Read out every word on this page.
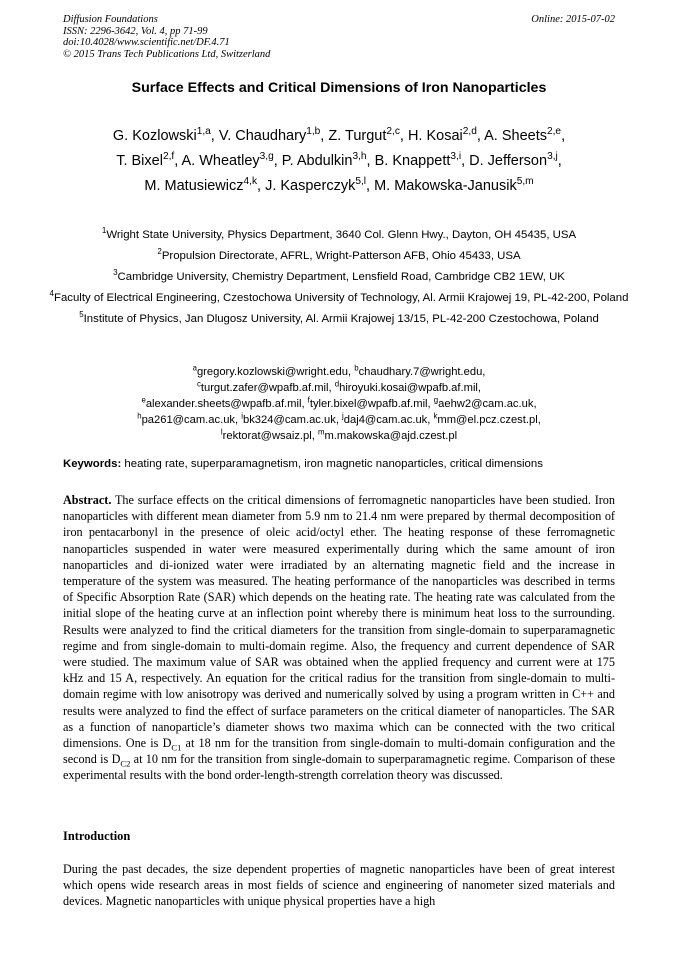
Diffusion Foundations
ISSN: 2296-3642, Vol. 4, pp 71-99
doi:10.4028/www.scientific.net/DF.4.71
© 2015 Trans Tech Publications Ltd, Switzerland
Online: 2015-07-02
Surface Effects and Critical Dimensions of Iron Nanoparticles
G. Kozlowski$^{1,a}$, V. Chaudhary$^{1,b}$, Z. Turgut$^{2,c}$, H. Kosai$^{2,d}$, A. Sheets$^{2,e}$,
T. Bixel$^{2,f}$, A. Wheatley$^{3,g}$, P. Abdulkin$^{3,h}$, B. Knappett$^{3,i}$, D. Jefferson$^{3,j}$,
M. Matusiewicz$^{4,k}$, J. Kasperczyk$^{5,l}$, M. Makowska-Janusik$^{5,m}$

$^1$Wright State University, Physics Department, 3640 Col. Glenn Hwy., Dayton, OH 45435, USA

$^2$Propulsion Directorate, AFRL, Wright-Patterson AFB, Ohio 45433, USA

$^3$Cambridge University, Chemistry Department, Lensfield Road, Cambridge CB2 1EW, UK

$^4$Faculty of Electrical Engineering, Czestochowa University of Technology, Al. Armii Krajowej 19, PL-42-200, Poland

$^5$Institute of Physics, Jan Dlugosz University, Al. Armii Krajowej 13/15, PL-42-200 Czestochowa, Poland

$^a$gregory.kozlowski@wright.edu, $^b$chaudhary.7@wright.edu,

$^c$turgut.zafer@wpafb.af.mil, $^d$hiroyuki.kosai@wpafb.af.mil,

$^e$alexander.sheets@wpafb.af.mil, $^f$tyler.bixel@wpafb.af.mil, $^g$aehw2@cam.ac.uk,

$^h$pa261@cam.ac.uk, $^i$bk324@cam.ac.uk, $^j$daj4@cam.ac.uk, $^k$mm@el.pcz.czest.pl,

$^l$rektorat@wsaiz.pl, $^m$m.makowska@ajd.czest.pl

Keywords: heating rate, superparamagnetism, iron magnetic nanoparticles, critical dimensions

Abstract. The surface effects on the critical dimensions of ferromagnetic nanoparticles have been studied. Iron nanoparticles with different mean diameter from 5.9 nm to 21.4 nm were prepared by thermal decomposition of iron pentacarbonyl in the presence of oleic acid/octyl ether. The heating response of these ferromagnetic nanoparticles suspended in water were measured experimentally during which the same amount of iron nanoparticles and di-ionized water were irradiated by an alternating magnetic field and the increase in temperature of the system was measured. The heating performance of the nanoparticles was described in terms of Specific Absorption Rate (SAR) which depends on the heating rate. The heating rate was calculated from the initial slope of the heating curve at an inflection point whereby there is minimum heat loss to the surrounding. Results were analyzed to find the critical diameters for the transition from single-domain to superparamagnetic regime and from single-domain to multi-domain regime. Also, the frequency and current dependence of SAR were studied. The maximum value of SAR was obtained when the applied frequency and current were at 175 kHz and 15 A, respectively. An equation for the critical radius for the transition from single-domain to multi-domain regime with low anisotropy was derived and numerically solved by using a program written in C++ and results were analyzed to find the effect of surface parameters on the critical diameter of nanoparticles. The SAR as a function of nanoparticle’s diameter shows two maxima which can be connected with the two critical dimensions. One is $D_{C1}$ at 18 nm for the transition from single-domain to multi-domain configuration and the second is $D_{C2}$ at 10 nm for the transition from single-domain to superparamagnetic regime. Comparison of these experimental results with the bond order-length-strength correlation theory was discussed.

Introduction

During the past decades, the size dependent properties of magnetic nanoparticles have been of great interest which opens wide research areas in most fields of science and engineering of nanometer sized materials and devices. Magnetic nanoparticles with unique physical properties have a high
